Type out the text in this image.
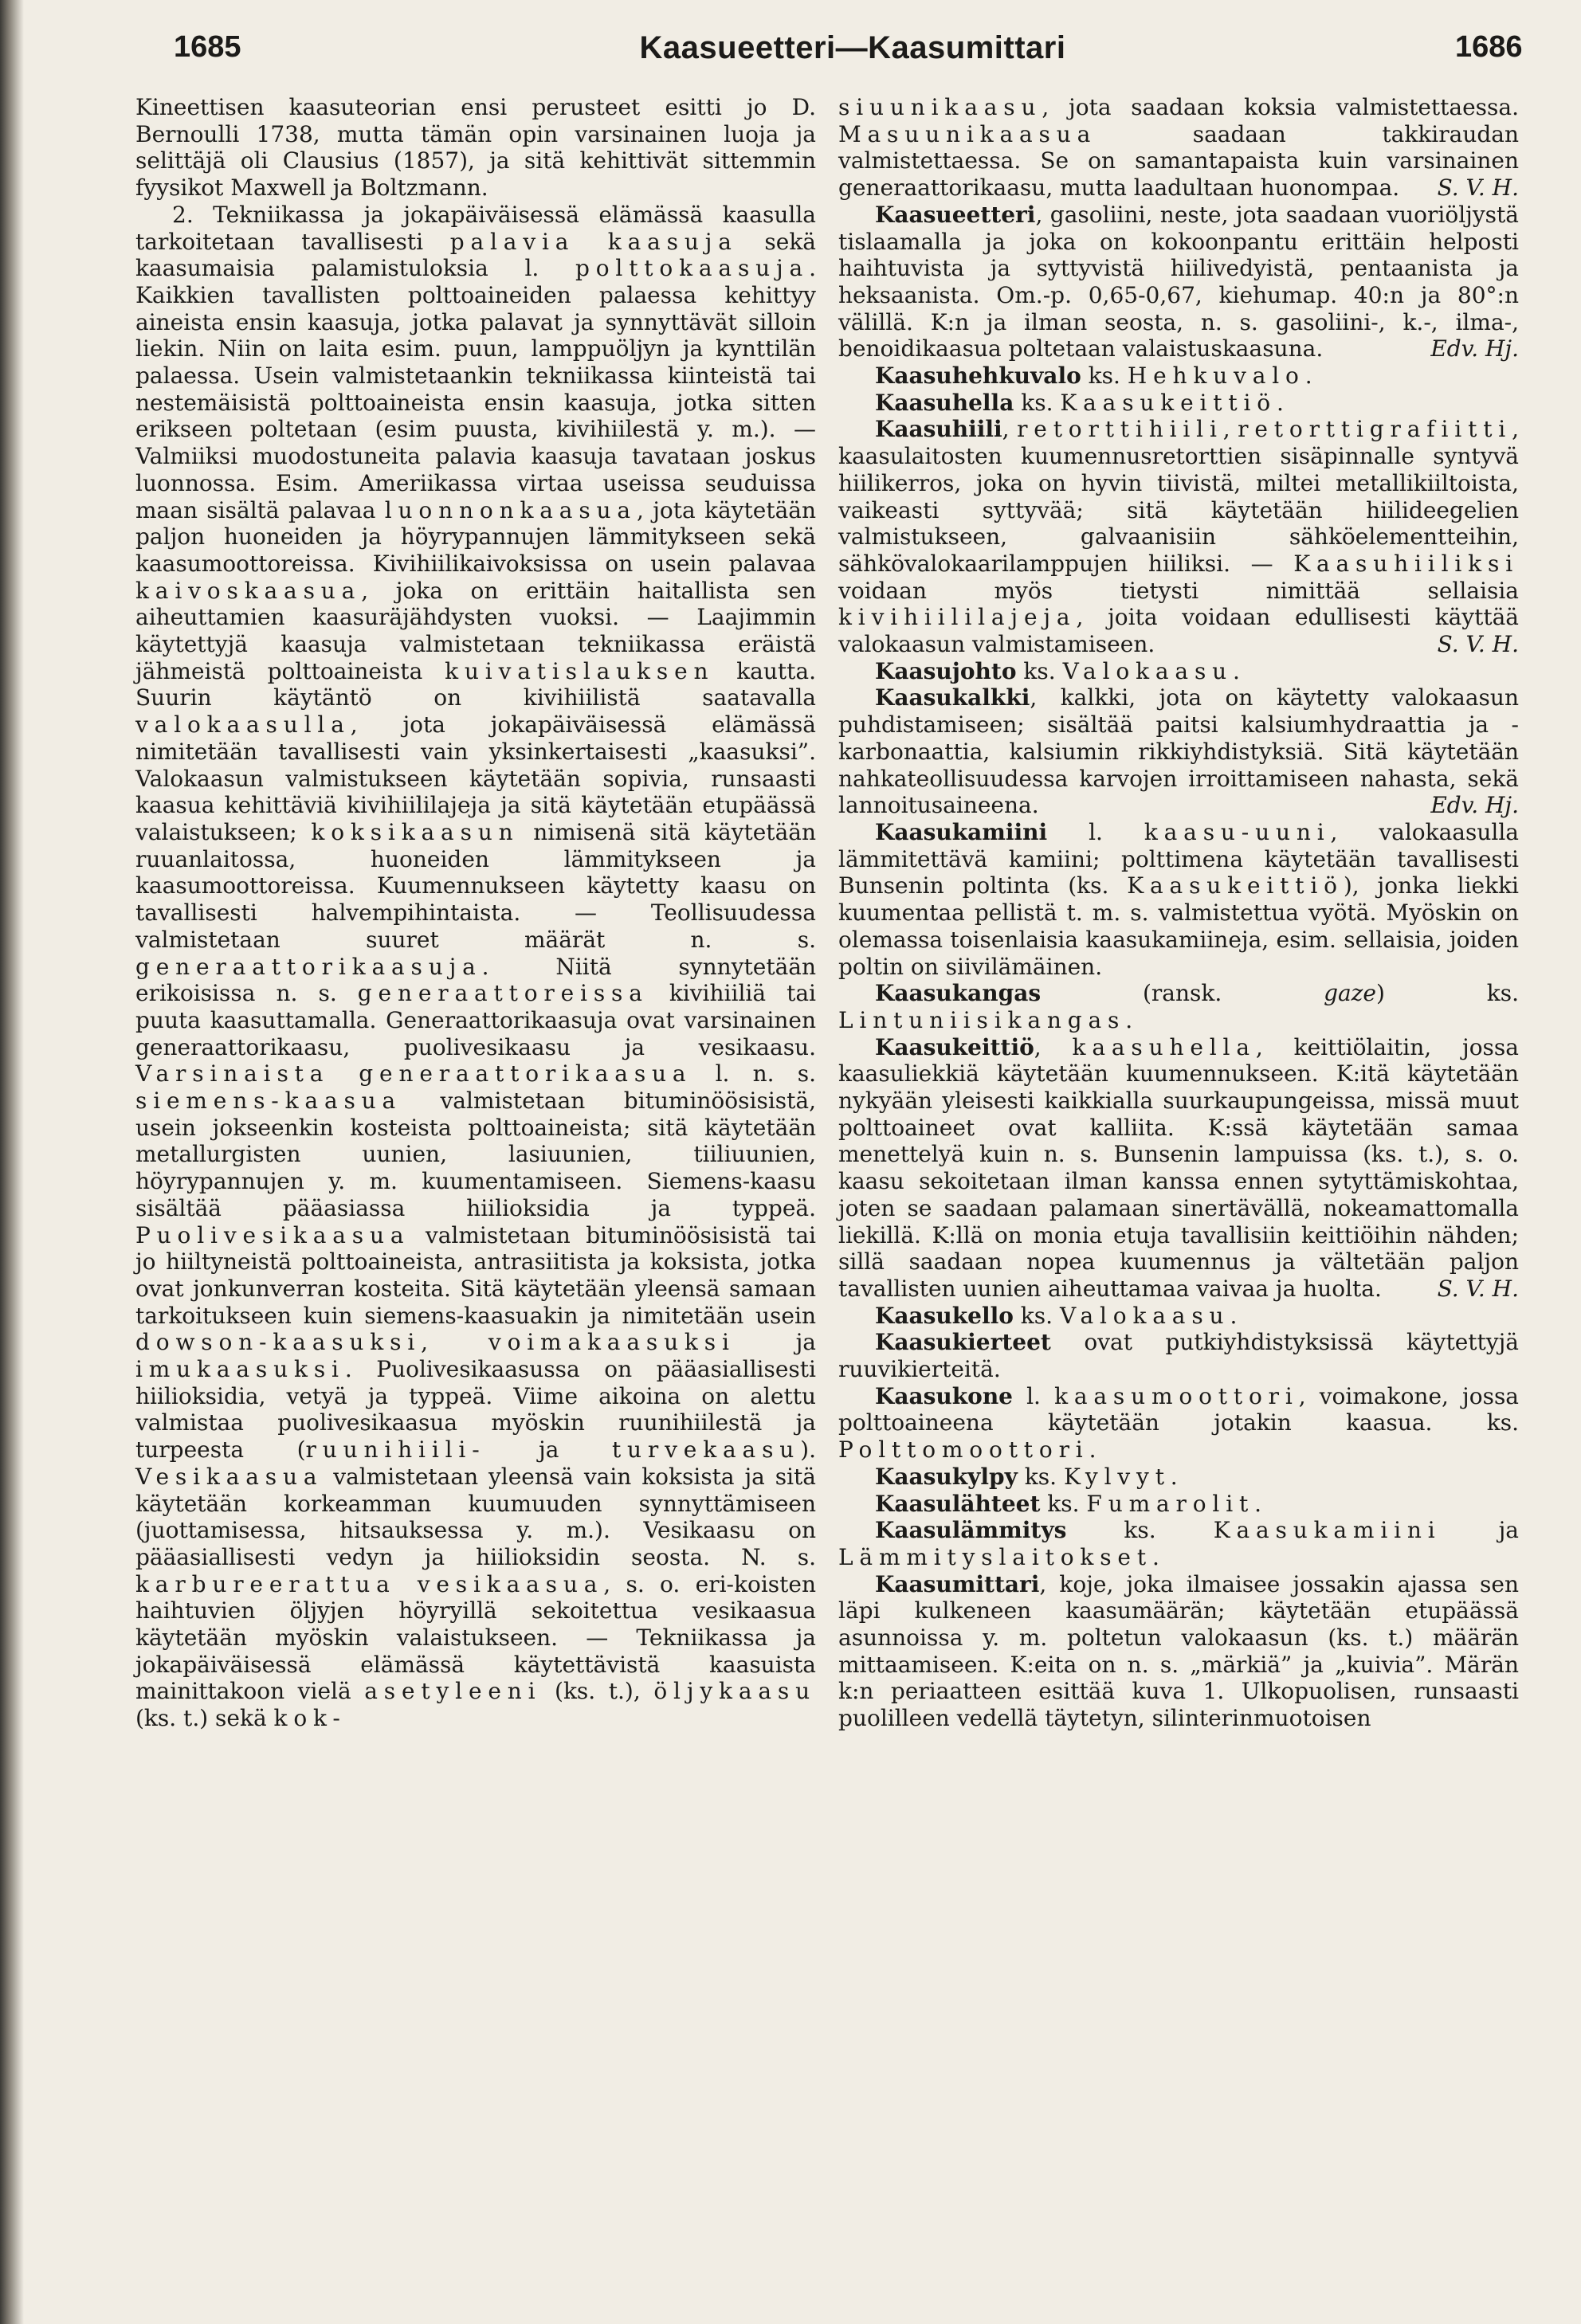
1685	Kaasueetteri—Kaasumittari	1686

Kineettisen kaasuteorian ensi perusteet esitti jo D. Bernoulli 1738, mutta tämän opin varsinainen luoja ja selittäjä oli Clausius (1857), ja sitä kehittivät sittemmin fyysikot Maxwell ja Boltzmann.

2. Tekniikassa ja jokapäiväisessä elämässä kaasulla tarkoitetaan tavallisesti palavia kaasuja sekä kaasumaisia palamistuloksia l. polttokaasuja. Kaikkien tavallisten polttoaineiden palaessa kehittyy aineista ensin kaasuja, jotka palavat ja synnyttävät silloin liekin. Niin on laita esim. puun, lamppuöljyn ja kynttilän palaessa. Usein valmistetaankin tekniikassa kiinteistä tai nestemäisistä polttoaineista ensin kaasuja, jotka sitten erikseen poltetaan (esim puusta, kivihiilestä y. m.). — Valmiiksi muodostuneita palavia kaasuja tavataan joskus luonnossa. Esim. Ameriikassa virtaa useissa seuduissa maan sisältä palavaa luonnonkaasua, jota käytetään paljon huoneiden ja höyrypannujen lämmitykseen sekä kaasumoottoreissa. Kivihiilikaivoksissa on usein palavaa kaivoskaasua, joka on erittäin haitallista sen aiheuttamien kaasuräjähdysten vuoksi. — Laajimmin käytettyjä kaasuja valmistetaan tekniikassa eräistä jähmeistä polttoaineista kuivatislauksen kautta. Suurin käytäntö on kivihiilistä saatavalla valokaasulla, jota jokapäiväisessä elämässä nimitetään tavallisesti vain yksinkertaisesti „kaasuksi”. Valokaasun valmistukseen käytetään sopivia, runsaasti kaasua kehittäviä kivihiililajeja ja sitä käytetään etupäässä valaistukseen; koksikaasun nimisenä sitä käytetään ruuanlaitossa, huoneiden lämmitykseen ja kaasumoottoreissa. Kuumennukseen käytetty kaasu on tavallisesti halvempihintaista. — Teollisuudessa valmistetaan suuret määrät n. s. generaattorikaasuja. Niitä synnytetään erikoisissa n. s. generaattoreissa kivihiiliä tai puuta kaasuttamalla. Generaattorikaasuja ovat varsinainen generaattorikaasu, puolivesikaasu ja vesikaasu. Varsinaista generaattorikaasua l. n. s. siemens-kaasua valmistetaan bituminöösisistä, usein jokseenkin kosteista polttoaineista; sitä käytetään metallurgisten uunien, lasiuunien, tiiliuunien, höyrypannujen y. m. kuumentamiseen. Siemens-kaasu sisältää pääasiassa hiilioksidia ja typpeä. Puolivesikaasua valmistetaan bituminöösisistä tai jo hiiltyneistä polttoaineista, antrasiitista ja koksista, jotka ovat jonkunverran kosteita. Sitä käytetään yleensä samaan tarkoitukseen kuin siemens-kaasuakin ja nimitetään usein dowson-kaasuksi, voimakaasuksi ja imukaasuksi. Puolivesikaasussa on pääasiallisesti hiilioksidia, vetyä ja typpeä. Viime aikoina on alettu valmistaa puolivesikaasua myöskin ruunihiilestä ja turpeesta (ruunihiili- ja turvekaasu). Vesikaasua valmistetaan yleensä vain koksista ja sitä käytetään korkeamman kuumuuden synnyttämiseen (juottamisessa, hitsauksessa y. m.). Vesikaasu on pääasiallisesti vedyn ja hiilioksidin seosta. N. s. karbureerattua vesikaasua, s. o. eri-koisten haihtuvien öljyjen höyryillä sekoitettua vesikaasua käytetään myöskin valaistukseen. — Tekniikassa ja jokapäiväisessä elämässä käytettävistä kaasuista mainittakoon vielä asetyleeni (ks. t.), öljykaasu (ks. t.) sekä kok-

siuunikaasu, jota saadaan koksia valmistettaessa. Masuunikaasua saadaan takkiraudan valmistettaessa. Se on samantapaista kuin varsinainen generaattorikaasu, mutta laadultaan huonompaa.	S. V. H.

Kaasueetteri, gasoliini, neste, jota saadaan vuoriöljystä tislaamalla ja joka on kokoonpantu erittäin helposti haihtuvista ja syttyvistä hiilivedyistä, pentaanista ja heksaanista. Om.-p. 0,65-0,67, kiehumap. 40:n ja 80°:n välillä. K:n ja ilman seosta, n. s. gasoliini-, k.-, ilma-, benoidikaasua poltetaan valaistuskaasuna.	Edv. Hj.

Kaasuhehkuvalo ks. Hehkuvalo.

Kaasuhella ks. Kaasukeittiö.

Kaasuhiili, retorttihiili, retorttigrafiitti, kaasulaitosten kuumennusretorttien sisäpinnalle syntyvä hiilikerros, joka on hyvin tiivistä, miltei metallikiiltoista, vaikeasti syttyvää; sitä käytetään hiilideegelien valmistukseen, galvaanisiin sähköelementteihin, sähkövalokaarilamppujen hiiliksi. — Kaasuhiiliksi voidaan myös tietysti nimittää sellaisia kivihiililajeja, joita voidaan edullisesti käyttää valokaasun valmistamiseen.	S. V. H.

Kaasujohto ks. Valokaasu.

Kaasukalkki, kalkki, jota on käytetty valokaasun puhdistamiseen; sisältää paitsi kalsiumhydraattia ja -karbonaattia, kalsiumin rikkiyhdistyksiä. Sitä käytetään nahkateollisuudessa karvojen irroittamiseen nahasta, sekä lannoitusaineena.	Edv. Hj.

Kaasukamiini l. kaasu-uuni, valokaasulla lämmitettävä kamiini; polttimena käytetään tavallisesti Bunsenin poltinta (ks. Kaasukeittiö), jonka liekki kuumentaa pellistä t. m. s. valmistettua vyötä. Myöskin on olemassa toisenlaisia kaasukamiineja, esim. sellaisia, joiden poltin on siivilämäinen.

Kaasukangas (ransk. gaze) ks. Lintuniisikangas.

Kaasukeittiö, kaasuhella, keittiölaitin, jossa kaasuliekkiä käytetään kuumennukseen. K:itä käytetään nykyään yleisesti kaikkialla suurkaupungeissa, missä muut polttoaineet ovat kalliita. K:ssä käytetään samaa menettelyä kuin n. s. Bunsenin lampuissa (ks. t.), s. o. kaasu sekoitetaan ilman kanssa ennen sytyttämiskohtaa, joten se saadaan palamaan sinertävällä, nokeamattomalla liekillä. K:llä on monia etuja tavallisiin keittiöihin nähden; sillä saadaan nopea kuumennus ja vältetään paljon tavallisten uunien aiheuttamaa vaivaa ja huolta.	S. V. H.

Kaasukello ks. Valokaasu.

Kaasukierteet ovat putkiyhdistyksissä käytettyjä ruuvikierteitä.

Kaasukone l. kaasumoottori, voimakone, jossa polttoaineena käytetään jotakin kaasua. ks. Polttomoottori.

Kaasukylpy ks. Kylvyt.

Kaasulähteet ks. Fumarolit.

Kaasulämmitys ks. Kaasukamiini ja Lämmityslaitokset.

Kaasumittari, koje, joka ilmaisee jossakin ajassa sen läpi kulkeneen kaasumäärän; käytetään etupäässä asunnoissa y. m. poltetun valokaasun (ks. t.) määrän mittaamiseen. K:eita on n. s. „märkiä” ja „kuivia”. Märän k:n periaatteen esittää kuva 1. Ulkopuolisen, runsaasti puolilleen vedellä täytetyn, silinterinmuotoisen
